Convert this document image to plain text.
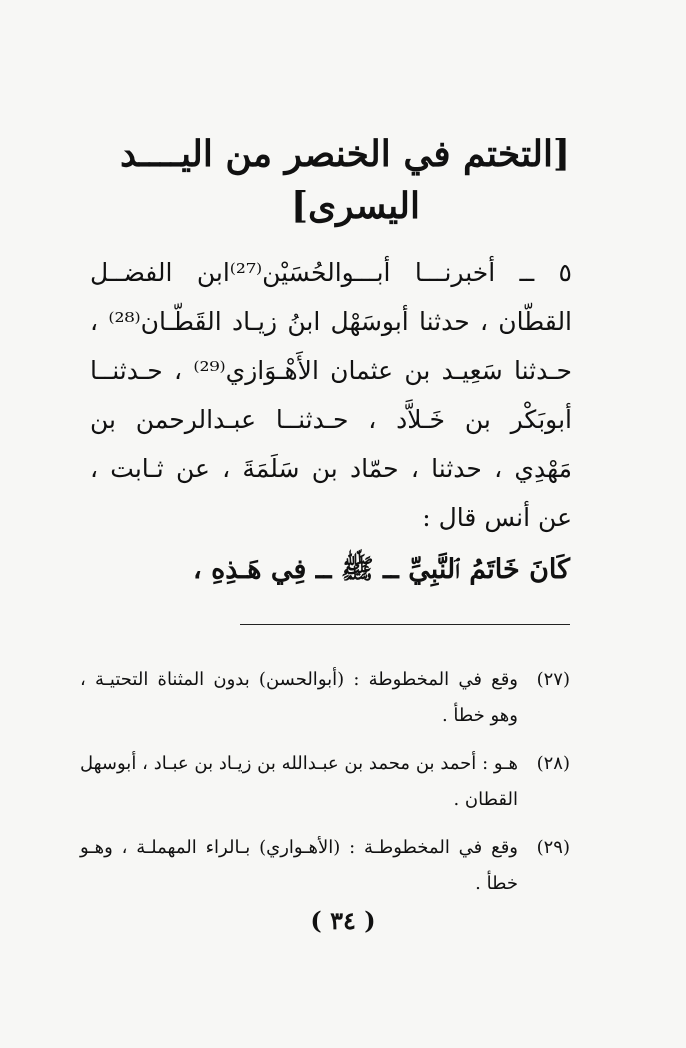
[التختم في الخنصر من اليــــد
اليسرى]
٥ ــ أخبرنـــا أبـــوالحُسَيْن⁽²⁷⁾ابن الفضــل
القطّان ، حدثنا أبوسَهْل ابنُ زيـاد القَطّـان⁽²⁸⁾ ،
حـدثنا سَعِيـد بن عثمان الأَهْـوَازي⁽²⁹⁾ ، حـدثنــا
أبوبَكْر بن خَـلاَّد ، حـدثنــا عبـدالرحمن بن
مَهْدِي ، حدثنا ، حمّاد بن سَلَمَةَ ، عن ثـابت ،
عن أنس قال :
كَانَ خَاتَمُ ٱلنَّبِيِّ ــ ﷺ ــ فِي هَـذِهِ ،
(٢٧)
وقع في المخطوطة : (أبوالحسن) بدون المثناة التحتيـة ، وهو خطأ .
(٢٨)
هـو : أحمد بن محمد بن عبـدالله بن زيـاد بن عبـاد ، أبوسهل القطان .
(٢٩)
وقع في المخطوطـة : (الأهـواري) بـالراء المهملـة ، وهـو خطأ .
( ٣٤ )
